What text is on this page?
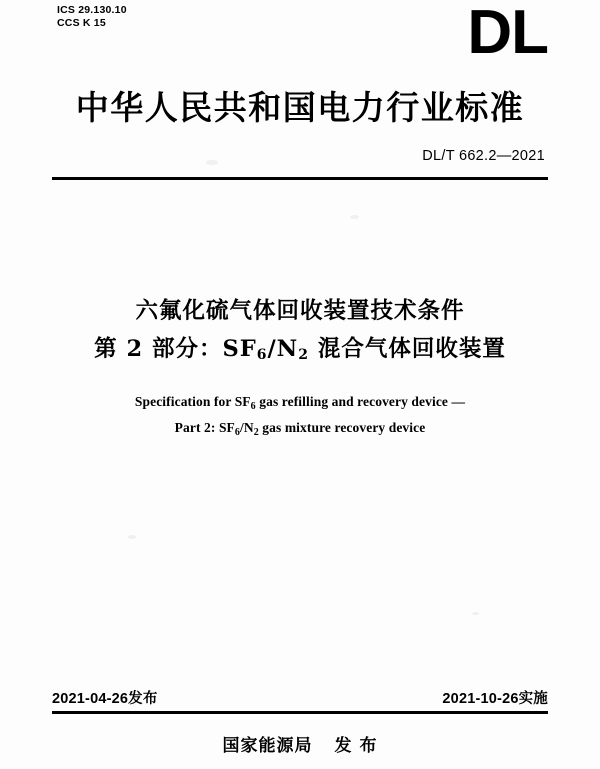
ICS 29.130.10
CCS K 15	DL
中华人民共和国电力行业标准
DL/T 662.2—2021
六氟化硫气体回收装置技术条件
第 2 部分：$SF_6/N_2$ 混合气体回收装置
Specification for $SF_6$ gas refilling and recovery device —
Part 2: $SF_6/N_2$ gas mixture recovery device
2021-04-26发布	2021-10-26实施
国家能源局 发 布
